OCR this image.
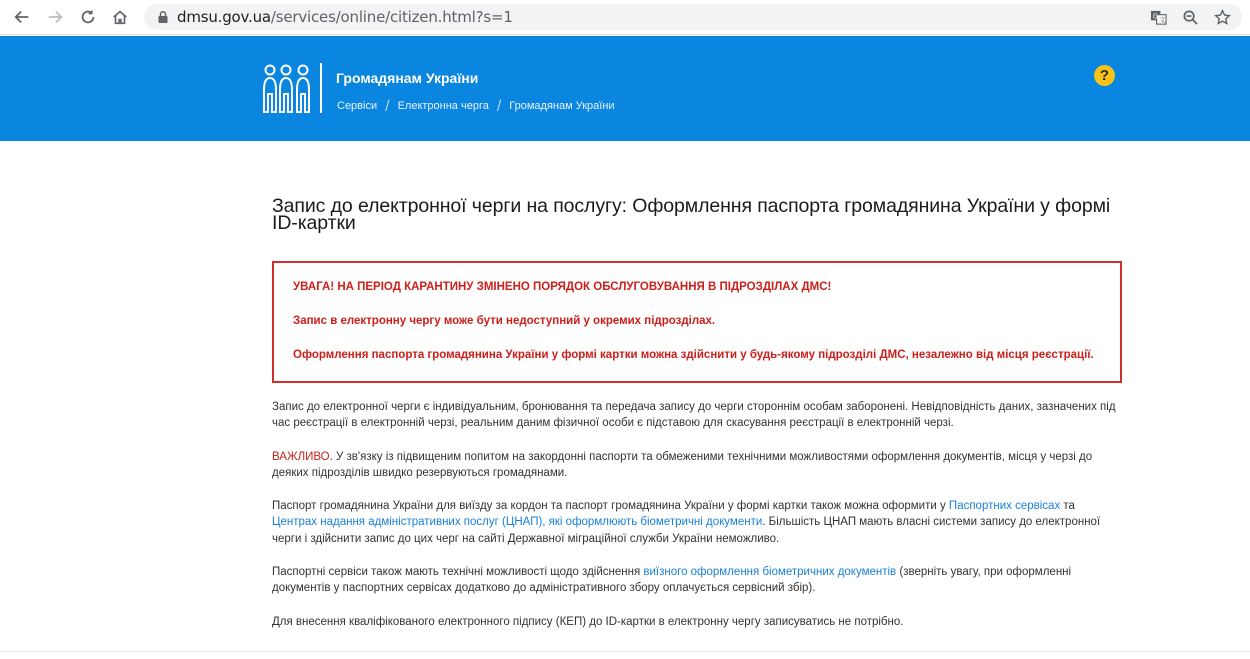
dmsu.gov.ua/services/online/citizen.html?s=1	G 文
Громадянам України
Сервіси / Електронна черга / Громадянам України
?
Запис до електронної черги на послугу: Оформлення паспорта громадянина України у формі ID-картки

УВАГА! НА ПЕРІОД КАРАНТИНУ ЗМІНЕНО ПОРЯДОК ОБСЛУГОВУВАННЯ В ПІДРОЗДІЛАХ ДМС!

Запис в електронну чергу може бути недоступний у окремих підрозділах.

Оформлення паспорта громадянина України у формі картки можна здійснити у будь-якому підрозділі ДМС, незалежно від місця реєстрації.

Запис до електронної черги є індивідуальним, бронювання та передача запису до черги стороннім особам заборонені. Невідповідність даних, зазначених під час реєстрації в електронній черзі, реальним даним фізичної особи є підставою для скасування реєстрації в електронній черзі.

ВАЖЛИВО. У зв'язку із підвищеним попитом на закордонні паспорти та обмеженими технічними можливостями оформлення документів, місця у черзі до деяких підрозділів швидко резервуються громадянами.

Паспорт громадянина України для виїзду за кордон та паспорт громадянина України у формі картки також можна оформити у Паспортних сервісах та Центрах надання адміністративних послуг (ЦНАП), які оформлюють біометричні документи. Більшість ЦНАП мають власні системи запису до електронної черги і здійснити запис до цих черг на сайті Державної міграційної служби України неможливо.

Паспортні сервіси також мають технічні можливості щодо здійснення виїзного оформлення біометричних документів (зверніть увагу, при оформленні документів у паспортних сервісах додатково до адміністративного збору оплачується сервісний збір).

Для внесення кваліфікованого електронного підпису (КЕП) до ID-картки в електронну чергу записуватись не потрібно.
